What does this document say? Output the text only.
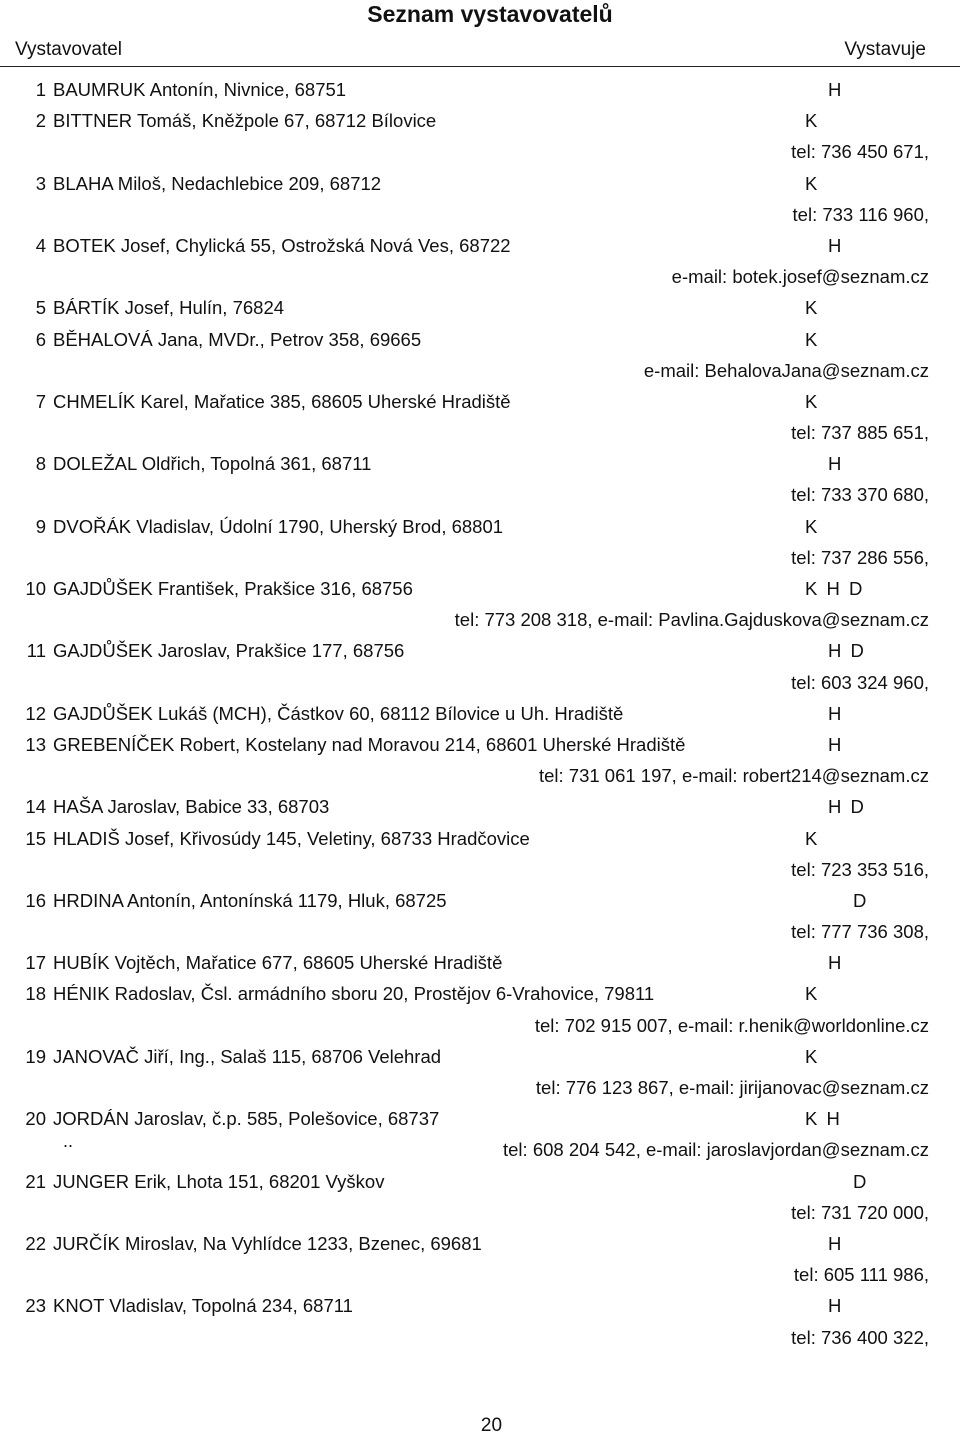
Seznam vystavovatelů
Vystavovatel	Vystavuje
1 BAUMRUK Antonín, Nivnice, 68751	H
2 BITTNER Tomáš, Kněžpole 67, 68712 Bílovice	K
tel: 736 450 671,
3 BLAHA Miloš, Nedachlebice 209, 68712	K
tel: 733 116 960,
4 BOTEK Josef, Chylická 55, Ostrožská Nová Ves, 68722	H
e-mail: botek.josef@seznam.cz
5 BÁRTÍK Josef, Hulín, 76824	K
6 BĚHALOVÁ Jana, MVDr., Petrov 358, 69665	K
e-mail: BehalovaJana@seznam.cz
7 CHMELÍK Karel, Mařatice 385, 68605 Uherské Hradiště	K
tel: 737 885 651,
8 DOLEŽAL Oldřich, Topolná 361, 68711	H
tel: 733 370 680,
9 DVOŘÁK Vladislav, Údolní 1790, Uherský Brod, 68801	K
tel: 737 286 556,
10 GAJDŮŠEK František, Prakšice 316, 68756	K H D
tel: 773 208 318, e-mail: Pavlina.Gajduskova@seznam.cz
11 GAJDŮŠEK Jaroslav, Prakšice 177, 68756	H D
tel: 603 324 960,
12 GAJDŮŠEK Lukáš (MCH), Částkov 60, 68112 Bílovice u Uh. Hradiště	H
13 GREBENÍČEK Robert, Kostelany nad Moravou 214, 68601 Uherské Hradiště	H
tel: 731 061 197, e-mail: robert214@seznam.cz
14 HAŠA Jaroslav, Babice 33, 68703	H D
15 HLADIŠ Josef, Křivosúdy 145, Veletiny, 68733 Hradčovice	K
tel: 723 353 516,
16 HRDINA Antonín, Antonínská 1179, Hluk, 68725	D
tel: 777 736 308,
17 HUBÍK Vojtěch, Mařatice 677, 68605 Uherské Hradiště	H
18 HÉNIK Radoslav, Čsl. armádního sboru 20, Prostějov 6-Vrahovice, 79811	K
tel: 702 915 007, e-mail: r.henik@worldonline.cz
19 JANOVAČ Jiří, Ing., Salaš 115, 68706 Velehrad	K
tel: 776 123 867, e-mail: jirijanovac@seznam.cz
20 JORDÁN Jaroslav, č.p. 585, Polešovice, 68737	K H
..	tel: 608 204 542, e-mail: jaroslavjordan@seznam.cz
21 JUNGER Erik, Lhota 151, 68201 Vyškov	D
tel: 731 720 000,
22 JURČÍK Miroslav, Na Vyhlídce 1233, Bzenec, 69681	H
tel: 605 111 986,
23 KNOT Vladislav, Topolná 234, 68711	H
tel: 736 400 322,
20
